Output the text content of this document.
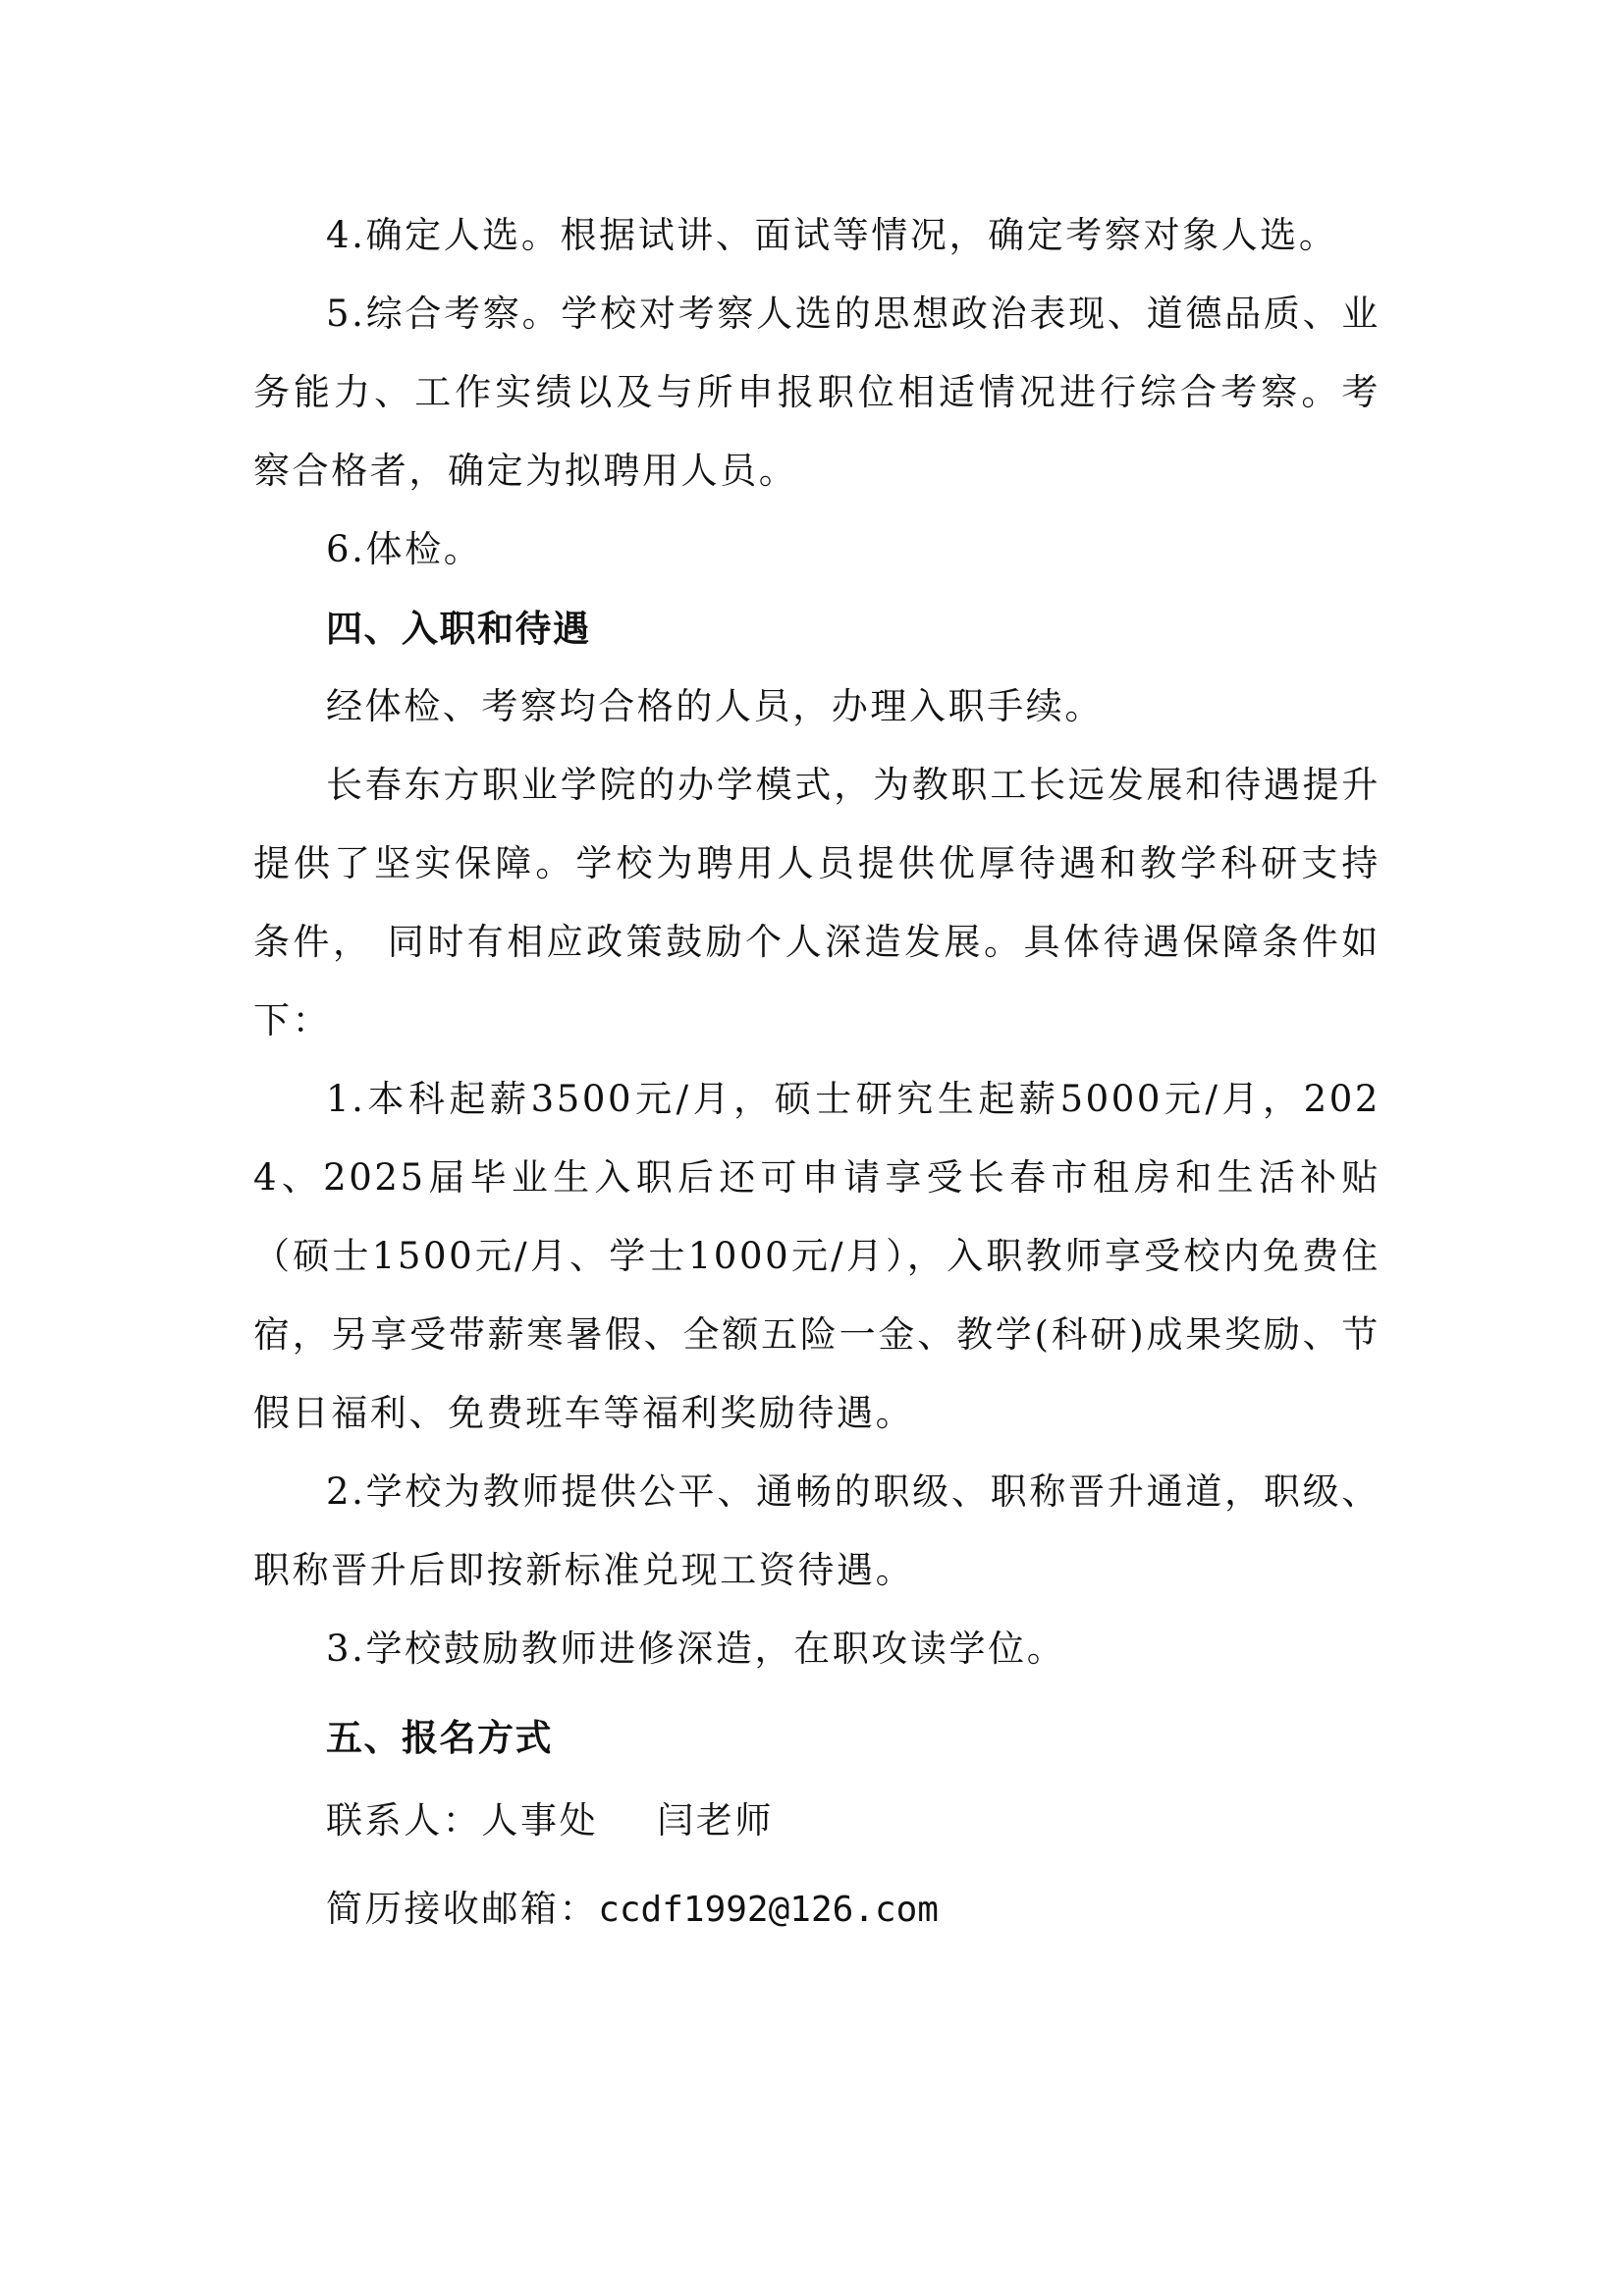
4.确定人选。根据试讲、面试等情况，确定考察对象人选。

5.综合考察。学校对考察人选的思想政治表现、道德品质、业务能力、工作实绩以及与所申报职位相适情况进行综合考察。考察合格者，确定为拟聘用人员。

6.体检。

四、入职和待遇

经体检、考察均合格的人员，办理入职手续。

长春东方职业学院的办学模式，为教职工长远发展和待遇提升提供了坚实保障。学校为聘用人员提供优厚待遇和教学科研支持条件， 同时有相应政策鼓励个人深造发展。具体待遇保障条件如下：

1.本科起薪3500元/月，硕士研究生起薪5000元/月，2024、2025届毕业生入职后还可申请享受长春市租房和生活补贴（硕士1500元/月、学士1000元/月），入职教师享受校内免费住宿，另享受带薪寒暑假、全额五险一金、教学(科研)成果奖励、节假日福利、免费班车等福利奖励待遇。

2.学校为教师提供公平、通畅的职级、职称晋升通道，职级、职称晋升后即按新标准兑现工资待遇。

3.学校鼓励教师进修深造，在职攻读学位。

五、报名方式

联系人：人事处 闫老师

简历接收邮箱：ccdf1992@126.com
